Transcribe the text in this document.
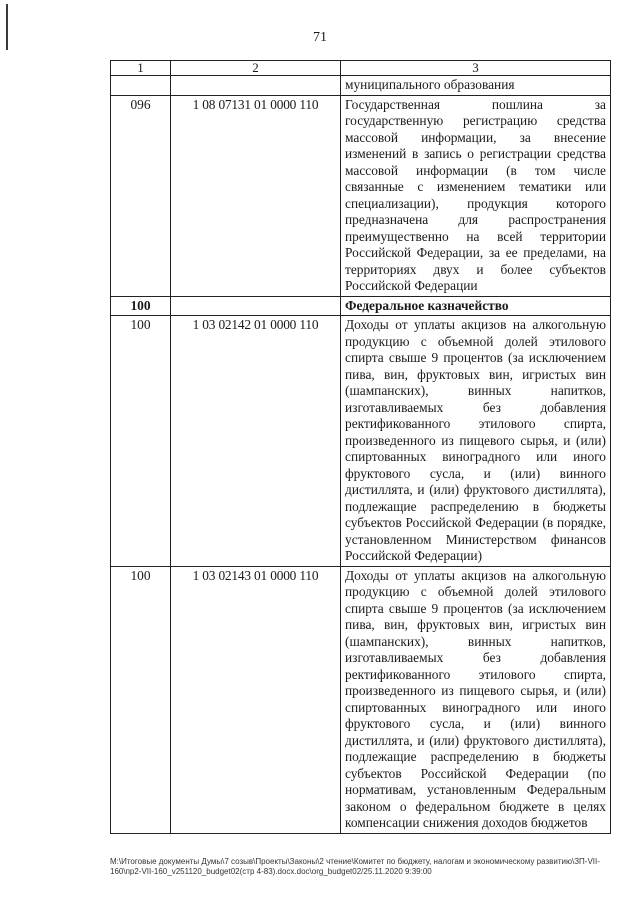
71
1	2	3
		муниципального образования
096	1 08 07131 01 0000 110	Государственная пошлина за государственную регистрацию средства массовой информации, за внесение изменений в запись о регистрации средства массовой информации (в том числе связанные с изменением тематики или специализации), продукция которого предназначена для распространения преимущественно на всей территории Российской Федерации, за ее пределами, на территориях двух и более субъектов Российской Федерации
100		Федеральное казначейство
100	1 03 02142 01 0000 110	Доходы от уплаты акцизов на алкогольную продукцию с объемной долей этилового спирта свыше 9 процентов (за исключением пива, вин, фруктовых вин, игристых вин (шампанских), винных напитков, изготавливаемых без добавления ректификованного этилового спирта, произведенного из пищевого сырья, и (или) спиртованных виноградного или иного фруктового сусла, и (или) винного дистиллята, и (или) фруктового дистиллята), подлежащие распределению в бюджеты субъектов Российской Федерации (в порядке, установленном Министерством финансов Российской Федерации)
100	1 03 02143 01 0000 110	Доходы от уплаты акцизов на алкогольную продукцию с объемной долей этилового спирта свыше 9 процентов (за исключением пива, вин, фруктовых вин, игристых вин (шампанских), винных напитков, изготавливаемых без добавления ректификованного этилового спирта, произведенного из пищевого сырья, и (или) спиртованных виноградного или иного фруктового сусла, и (или) винного дистиллята, и (или) фруктового дистиллята), подлежащие распределению в бюджеты субъектов Российской Федерации (по нормативам, установленным Федеральным законом о федеральном бюджете в целях компенсации снижения доходов бюджетов
М:\Итоговые документы Думы\7 созыв\Проекты\Законы\2 чтение\Комитет по бюджету, налогам и экономическому развитию\ЗП-VII-160\пр2-VII-160_v251120_budget02(стр 4-83).docx.doc\org_budget02/25.11.2020 9:39:00
